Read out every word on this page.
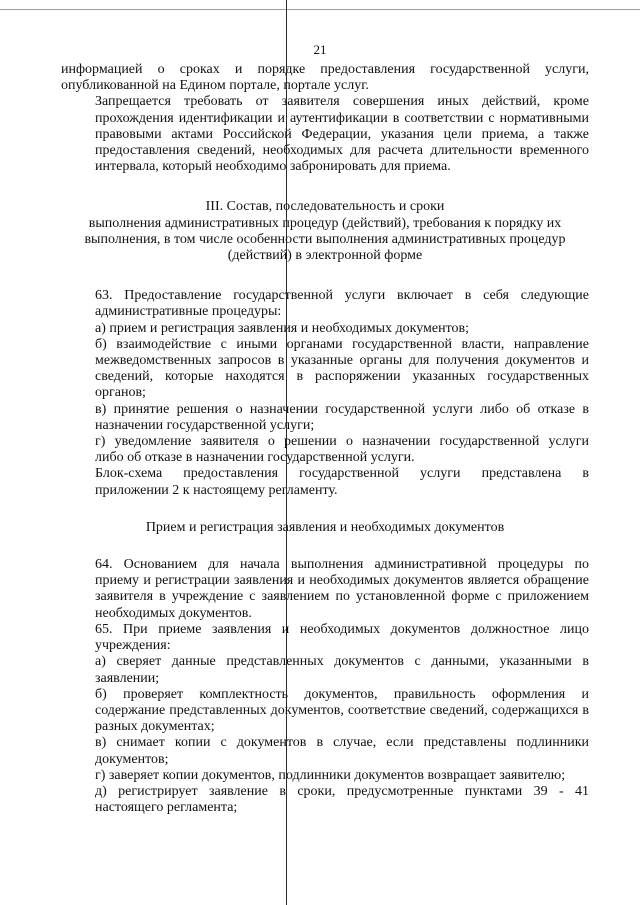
21

информацией о сроках и порядке предоставления государственной услуги,
опубликованной на Едином портале, портале услуг.

Запрещается требовать от заявителя совершения иных действий, кроме
прохождения идентификации и аутентификации в соответствии с нормативными
правовыми актами Российской Федерации, указания цели приема, а также
предоставления сведений, необходимых для расчета длительности временного
интервала, который необходимо забронировать для приема.

III. Состав, последовательность и сроки
выполнения административных процедур (действий), требования к порядку их
выполнения, в том числе особенности выполнения административных процедур
(действий) в электронной форме

63. Предоставление государственной услуги включает в себя следующие
административные процедуры:

а) прием и регистрация заявления и необходимых документов;

б) взаимодействие с иными органами государственной власти, направление
межведомственных запросов в указанные органы для получения документов и
сведений, которые находятся в распоряжении указанных государственных
органов;

в) принятие решения о назначении государственной услуги либо об отказе в
назначении государственной услуги;

г) уведомление заявителя о решении о назначении государственной услуги
либо об отказе в назначении государственной услуги.

Блок-схема предоставления государственной услуги представлена в
приложении 2 к настоящему регламенту.

Прием и регистрация заявления и необходимых документов

64. Основанием для начала выполнения административной процедуры по
приему и регистрации заявления и необходимых документов является обращение
заявителя в учреждение с заявлением по установленной форме с приложением
необходимых документов.

65. При приеме заявления и необходимых документов должностное лицо
учреждения:

а) сверяет данные представленных документов с данными, указанными в
заявлении;

б) проверяет комплектность документов, правильность оформления и
содержание представленных документов, соответствие сведений, содержащихся в
разных документах;

в) снимает копии с документов в случае, если представлены подлинники
документов;

г) заверяет копии документов, подлинники документов возвращает заявителю;

д) регистрирует заявление в сроки, предусмотренные пунктами 39 - 41
настоящего регламента;
